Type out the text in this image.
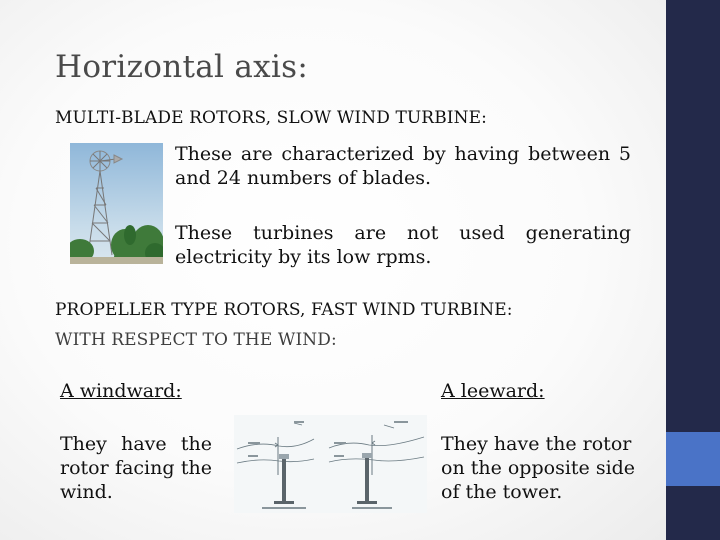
Horizontal axis:
MULTI-BLADE ROTORS, SLOW WIND TURBINE:
These are characterized by having between 5
and 24 numbers of blades.
These turbines are not used generating
electricity by its low rpms.
PROPELLER TYPE ROTORS, FAST WIND TURBINE:
WITH RESPECT TO THE WIND:
A windward:	A leeward:
They have the
rotor facing the
wind.
They have the rotor
on the opposite side
of the tower.
